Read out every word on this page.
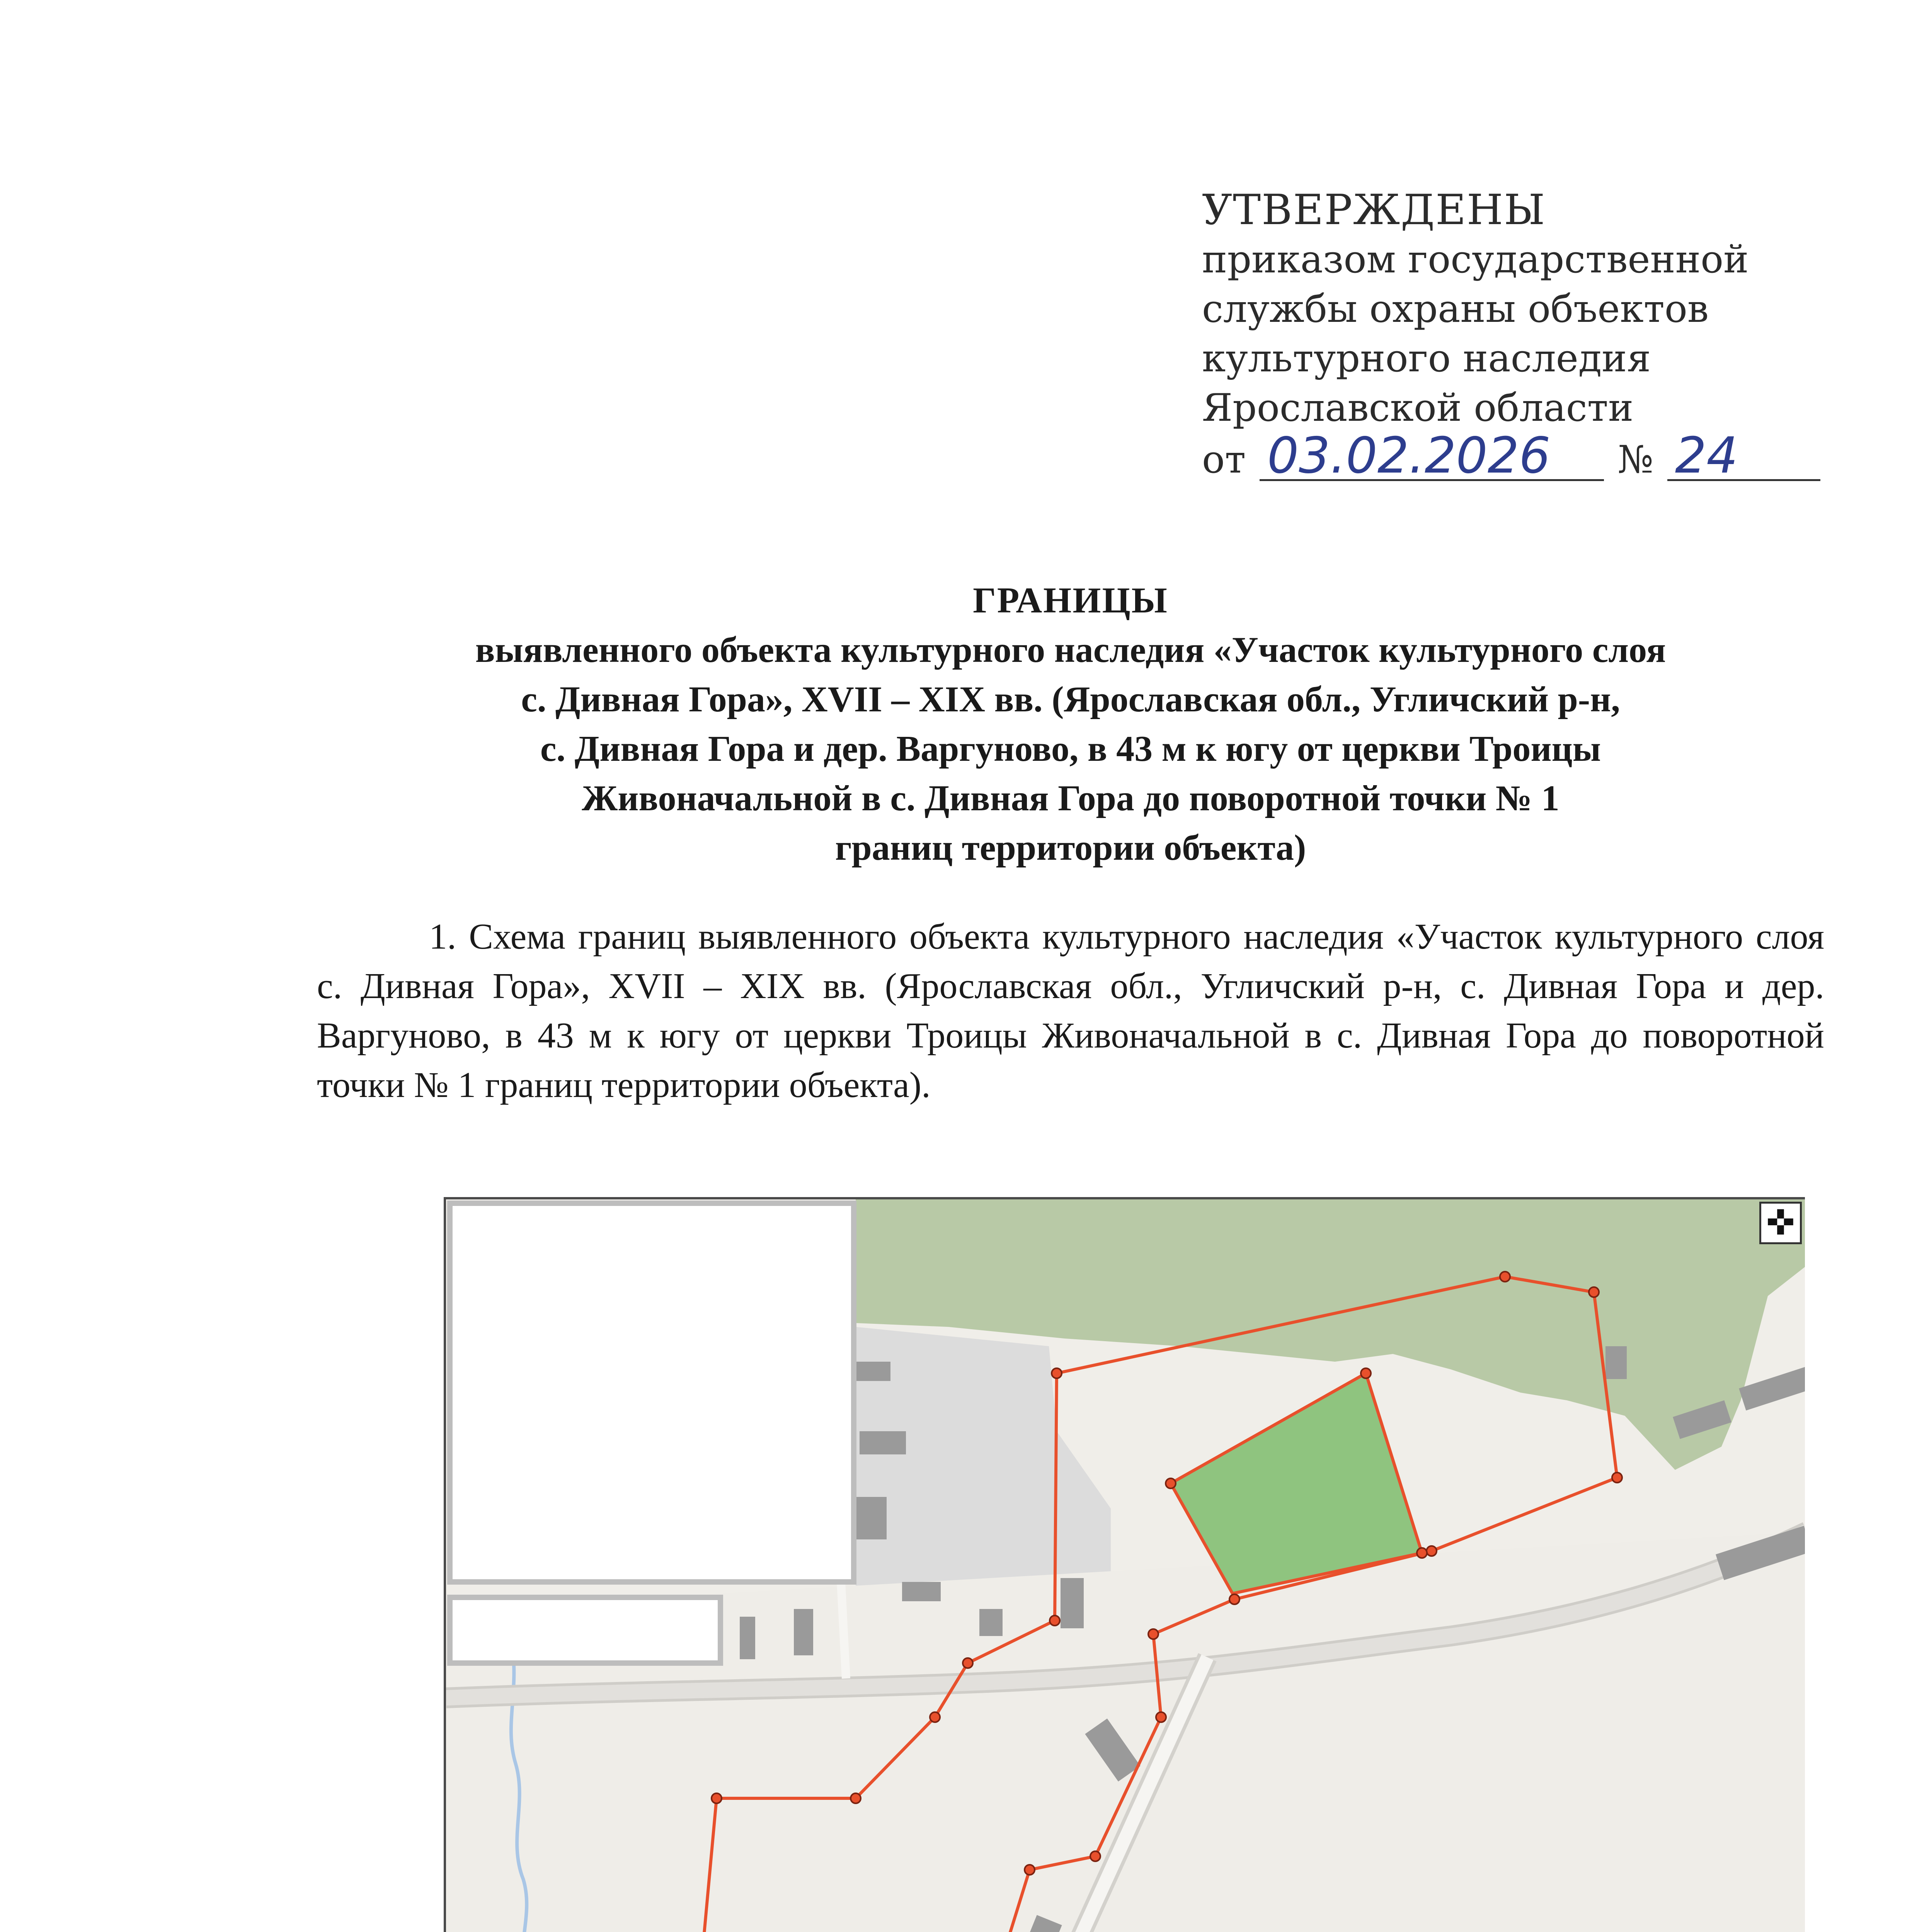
УТВЕРЖДЕНЫ
приказом государственной
службы охраны объектов
культурного наследия
Ярославской области
от 03.02.2026	№ 24
ГРАНИЦЫ
выявленного объекта культурного наследия «Участок культурного слоя
с. Дивная Гора», XVII – XIX вв. (Ярославская обл., Угличский р-н,
с. Дивная Гора и дер. Варгуново, в 43 м к югу от церкви Троицы
Живоначальной в с. Дивная Гора до поворотной точки № 1
границ территории объекта)
1. Схема границ выявленного объекта культурного наследия «Участок культурного слоя с. Дивная Гора», XVII – XIX вв. (Ярославская обл., Угличский р-н, с. Дивная Гора и дер. Варгуново, в 43 м к югу от церкви Троицы Живоначальной в с. Дивная Гора до поворотной точки № 1 границ территории объекта).
✜
